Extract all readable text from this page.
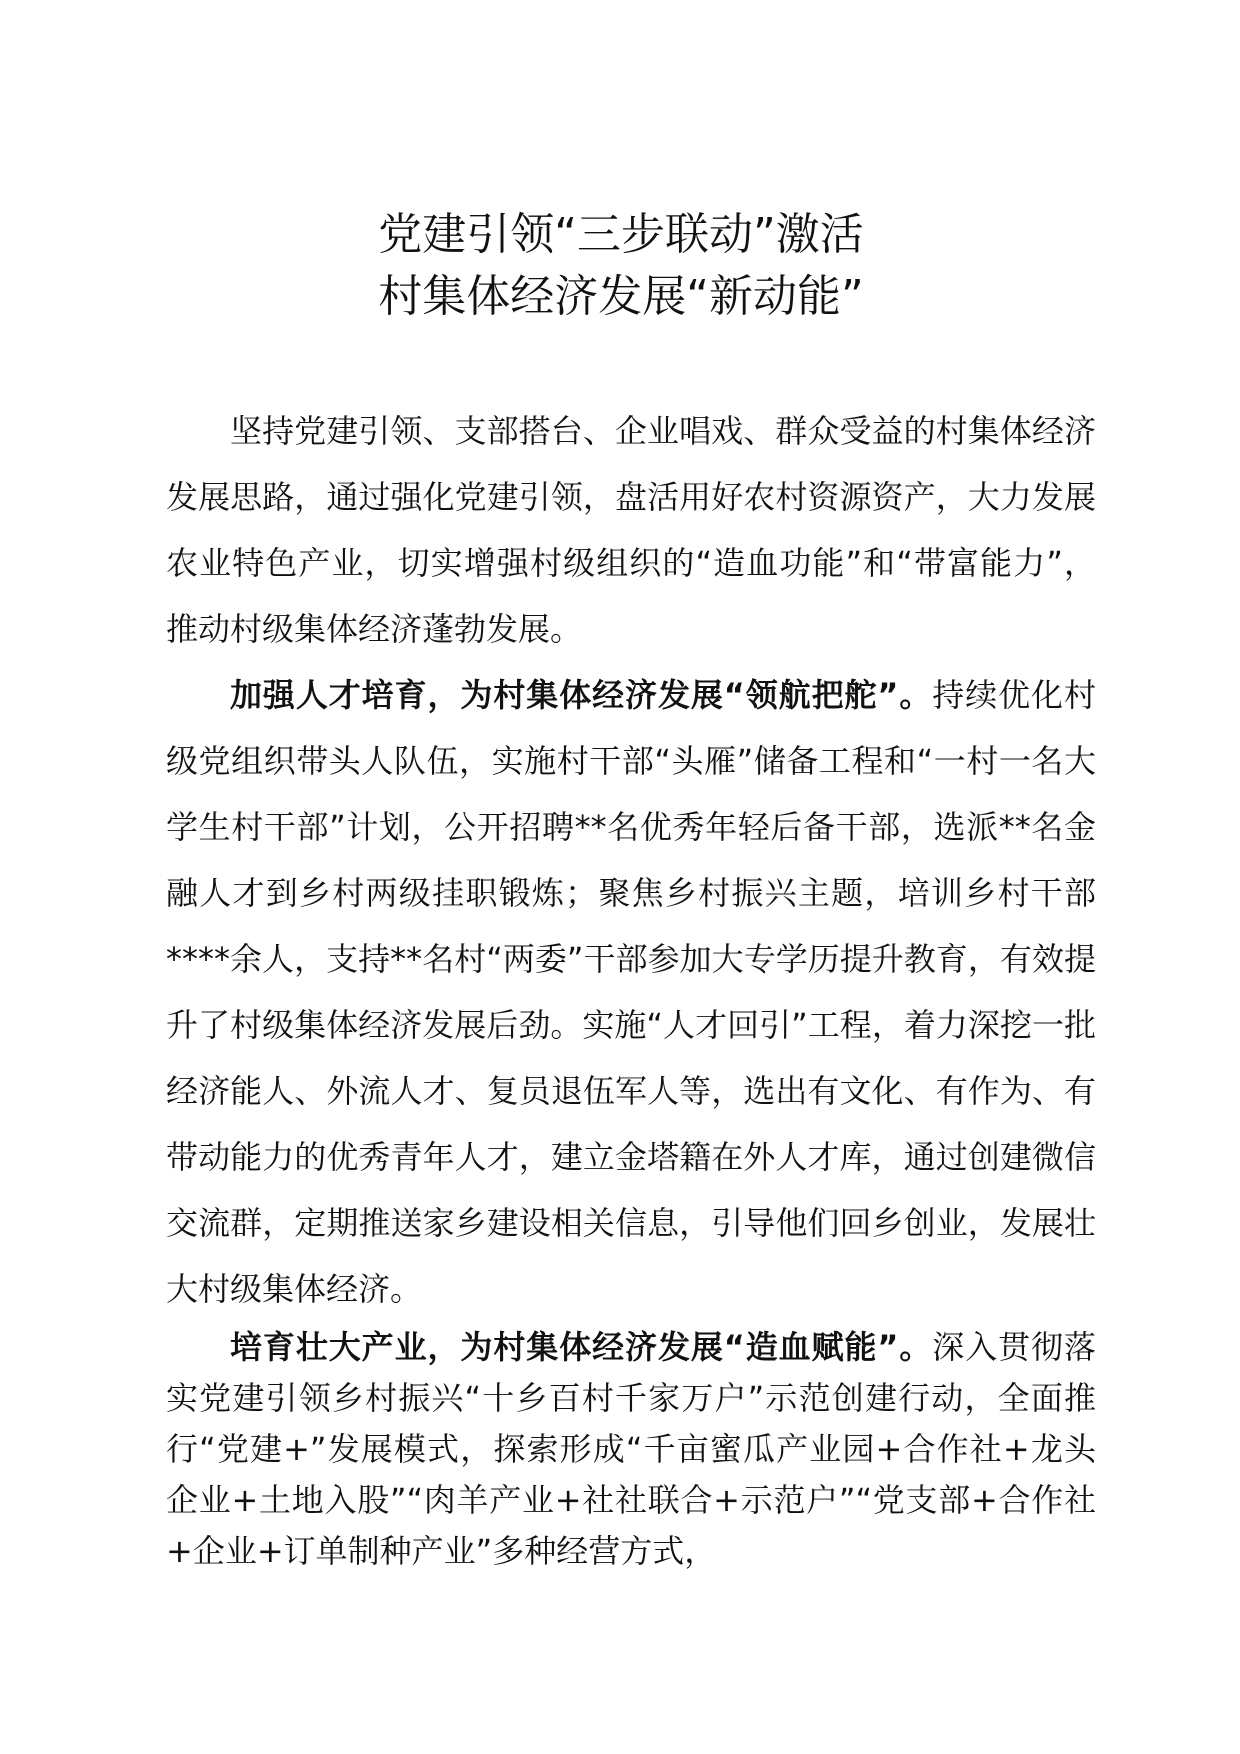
党建引领“三步联动”激活
村集体经济发展“新动能”

坚持党建引领、支部搭台、企业唱戏、群众受益的村集体经济发展思路，通过强化党建引领，盘活用好农村资源资产，大力发展农业特色产业，切实增强村级组织的“造血功能”和“带富能力”，推动村级集体经济蓬勃发展。

加强人才培育，为村集体经济发展“领航把舵”。持续优化村级党组织带头人队伍，实施村干部“头雁”储备工程和“一村一名大学生村干部”计划，公开招聘**名优秀年轻后备干部，选派**名金融人才到乡村两级挂职锻炼；聚焦乡村振兴主题，培训乡村干部****余人，支持**名村“两委”干部参加大专学历提升教育，有效提升了村级集体经济发展后劲。实施“人才回引”工程，着力深挖一批经济能人、外流人才、复员退伍军人等，选出有文化、有作为、有带动能力的优秀青年人才，建立金塔籍在外人才库，通过创建微信交流群，定期推送家乡建设相关信息，引导他们回乡创业，发展壮大村级集体经济。

培育壮大产业，为村集体经济发展“造血赋能”。深入贯彻落实党建引领乡村振兴“十乡百村千家万户”示范创建行动，全面推行“党建+”发展模式，探索形成“千亩蜜瓜产业园+合作社+龙头企业+土地入股”“肉羊产业+社社联合+示范户”“党支部+合作社+企业+订单制种产业”多种经营方式，
